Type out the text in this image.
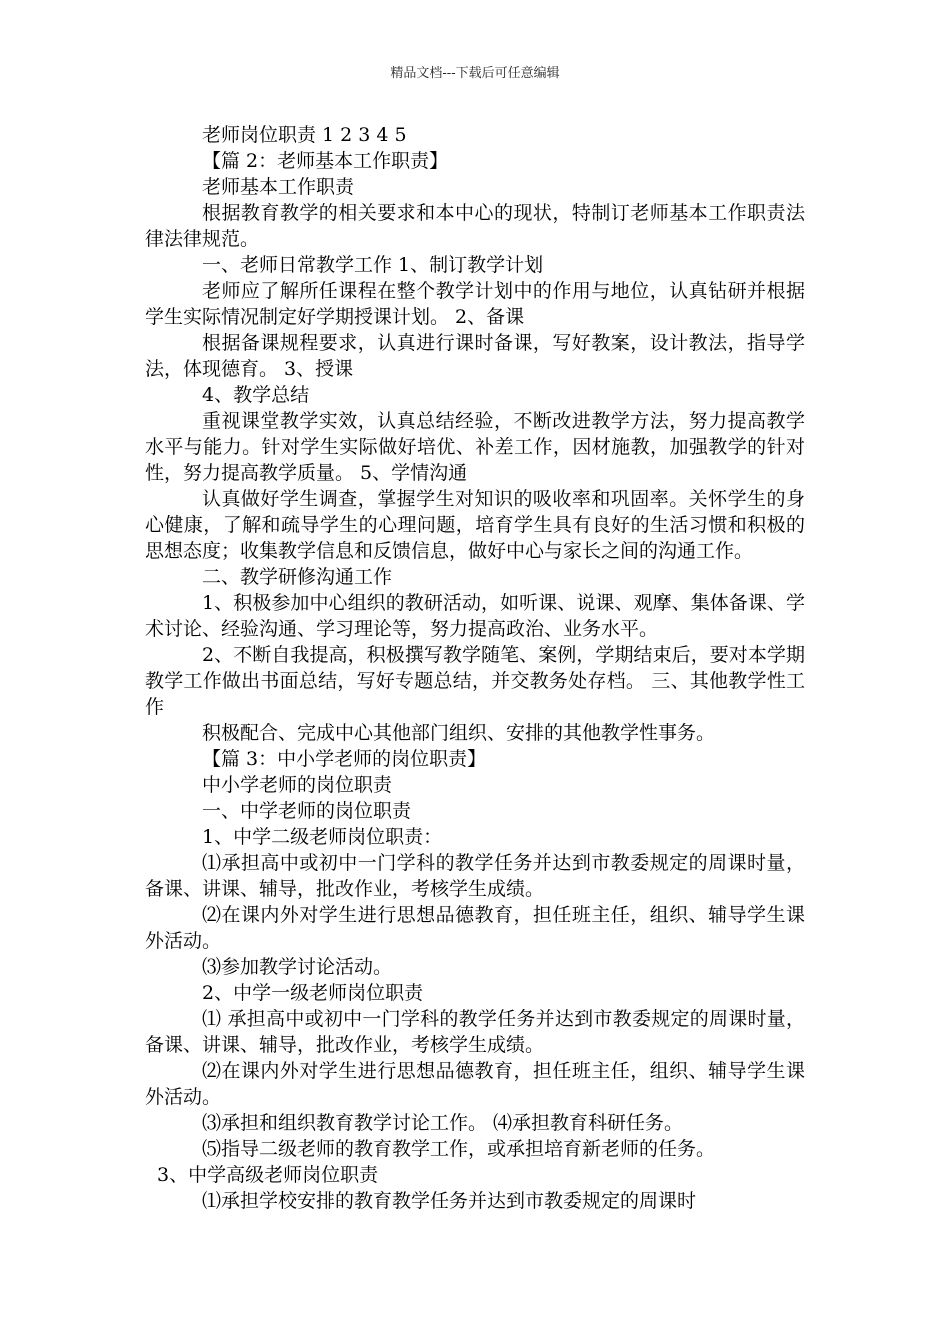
精品文档---下载后可任意编辑

老师岗位职责 1 2 3 4 5

【篇 2：老师基本工作职责】

老师基本工作职责

根据教育教学的相关要求和本中心的现状，特制订老师基本工作职责法律法律规范。

一、老师日常教学工作 1、制订教学计划

老师应了解所任课程在整个教学计划中的作用与地位，认真钻研并根据学生实际情况制定好学期授课计划。 2、备课

根据备课规程要求，认真进行课时备课，写好教案，设计教法，指导学法，体现德育。 3、授课

4、教学总结

重视课堂教学实效，认真总结经验，不断改进教学方法，努力提高教学水平与能力。针对学生实际做好培优、补差工作，因材施教，加强教学的针对性，努力提高教学质量。 5、学情沟通

认真做好学生调查，掌握学生对知识的吸收率和巩固率。关怀学生的身心健康，了解和疏导学生的心理问题，培育学生具有良好的生活习惯和积极的思想态度；收集教学信息和反馈信息，做好中心与家长之间的沟通工作。

二、教学研修沟通工作

1、积极参加中心组织的教研活动，如听课、说课、观摩、集体备课、学术讨论、经验沟通、学习理论等，努力提高政治、业务水平。

2、不断自我提高，积极撰写教学随笔、案例，学期结束后，要对本学期教学工作做出书面总结，写好专题总结，并交教务处存档。 三、其他教学性工作

积极配合、完成中心其他部门组织、安排的其他教学性事务。

【篇 3：中小学老师的岗位职责】

中小学老师的岗位职责

一、中学老师的岗位职责

1、中学二级老师岗位职责：

⑴承担高中或初中一门学科的教学任务并达到市教委规定的周课时量，备课、讲课、辅导，批改作业，考核学生成绩。

⑵在课内外对学生进行思想品德教育，担任班主任，组织、辅导学生课外活动。

⑶参加教学讨论活动。

2、中学一级老师岗位职责

⑴ 承担高中或初中一门学科的教学任务并达到市教委规定的周课时量，备课、讲课、辅导，批改作业，考核学生成绩。

⑵在课内外对学生进行思想品德教育，担任班主任，组织、辅导学生课外活动。

⑶承担和组织教育教学讨论工作。 ⑷承担教育科研任务。

⑸指导二级老师的教育教学工作，或承担培育新老师的任务。

3、中学高级老师岗位职责

⑴承担学校安排的教育教学任务并达到市教委规定的周课时
